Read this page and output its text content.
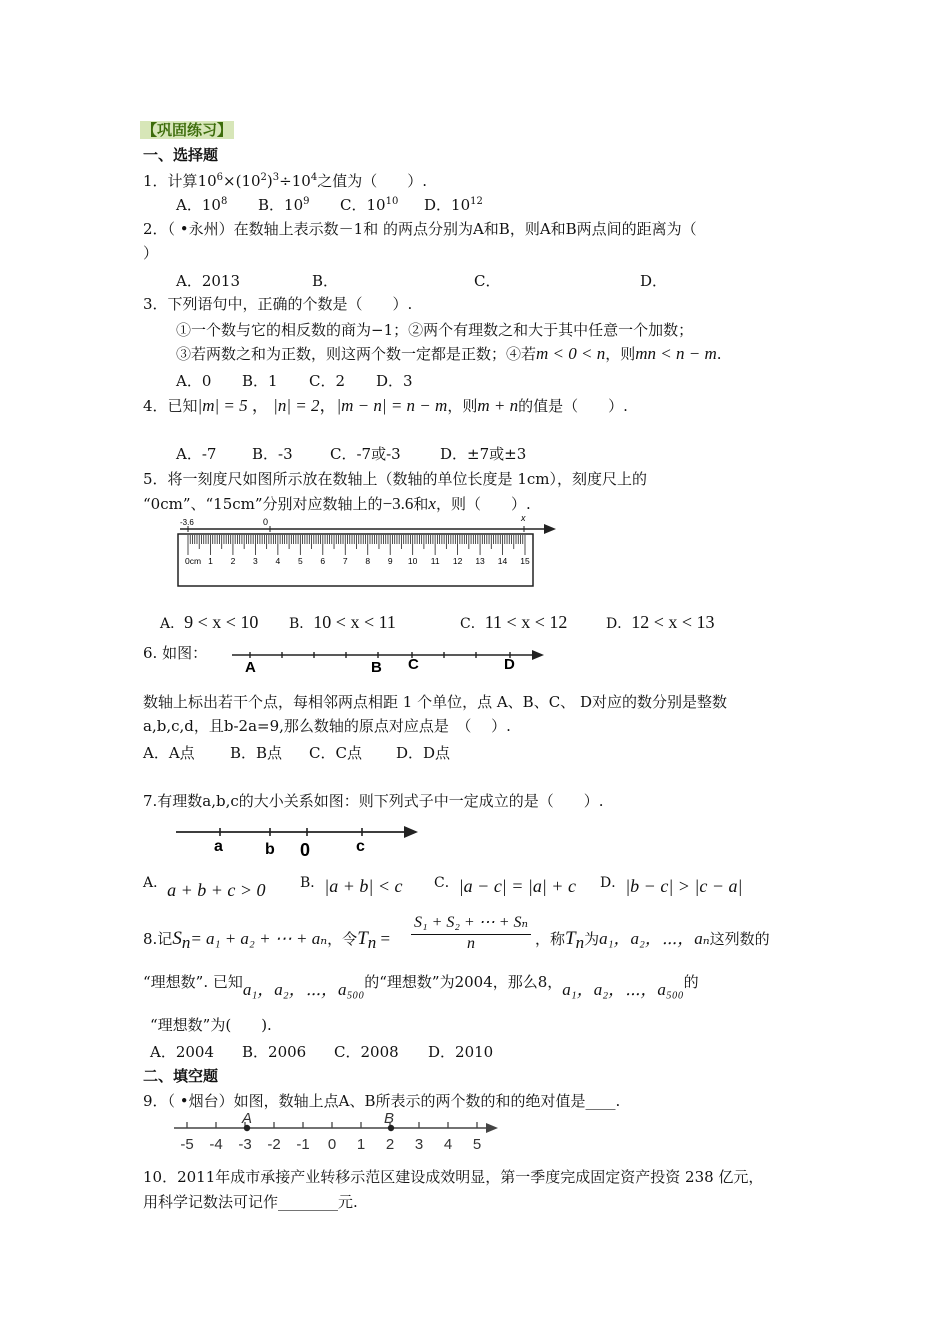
【巩固练习】
一、选择题
1．计算$10^6\times(10^2)^3\div 10^4$之值为（　　）.
A．$10^8$ B．$10^9$ C．$10^{10}$ D．$10^{12}$
2．（ •永州）在数轴上表示数－1和 的两点分别为A和B，则A和B两点间的距离为（
）
A．2013	B．	C．	D．
3．下列语句中，正确的个数是（　　）.
①一个数与它的相反数的商为−1；②两个有理数之和大于其中任意一个加数；
③若两数之和为正数，则这两个数一定都是正数；④若m < 0 < n，则mn < n − m.
A．0 B．1 C．2 D．3
4．已知|m| = 5 ， |n| = 2，|m − n| = n − m，则m + n的值是（　　）.
A．-7 B．-3 C．-7或-3	D．±7或±3
5．将一刻度尺如图所示放在数轴上（数轴的单位长度是 1cm），刻度尺上的
“0cm”、“15cm”分别对应数轴上的−3.6和x，则（　　）.
-3.6	0	x
0cm 1 2 3 4 5 6 7 8 9 10 11 12 13 14 15
A．9 < x < 10 B．10 < x < 11	C．11 < x < 12	D．12 < x < 13
6. 如图：
A	B C	D
数轴上标出若干个点，每相邻两点相距 1 个单位，点 A、B、C、 D对应的数分别是整数
a,b,c,d，且b-2a=9,那么数轴的原点对应点是　（　 ）.
A．A点 B．B点 C．C点 D．D点
7.有理数a,b,c的大小关系如图：则下列式子中一定成立的是（　　）.
a	b 0	c
A．a + b + c > 0 B．|a + b| < c C．|a − c| = |a| + c D．|b − c| > |c − a|
8.记$S_n= a_1 + a_2$ + ⋯ + aₙ，令$T_n = \frac{\text{S₁ + S₂ + ⋯ + Sₙ}}{n}$ ，称$T_n$为a₁，a₂，⋯，aₙ这列数的
“理想数”. 已知a₁，a₂，⋯，a₅₀₀的“理想数”为2004，那么8，a₁，a₂，⋯，a₅₀₀的
“理想数”为(　　).
A．2004 B．2006 C．2008 D．2010
二、填空题
9．（ •烟台）如图，数轴上点A、B所表示的两个数的和的绝对值是____.
-5 -4 -3 -2 -1 0 1 2 3 4 5
A	B
10．2011年成市承接产业转移示范区建设成效明显，第一季度完成固定资产投资 238 亿元，
用科学记数法可记作________元.
